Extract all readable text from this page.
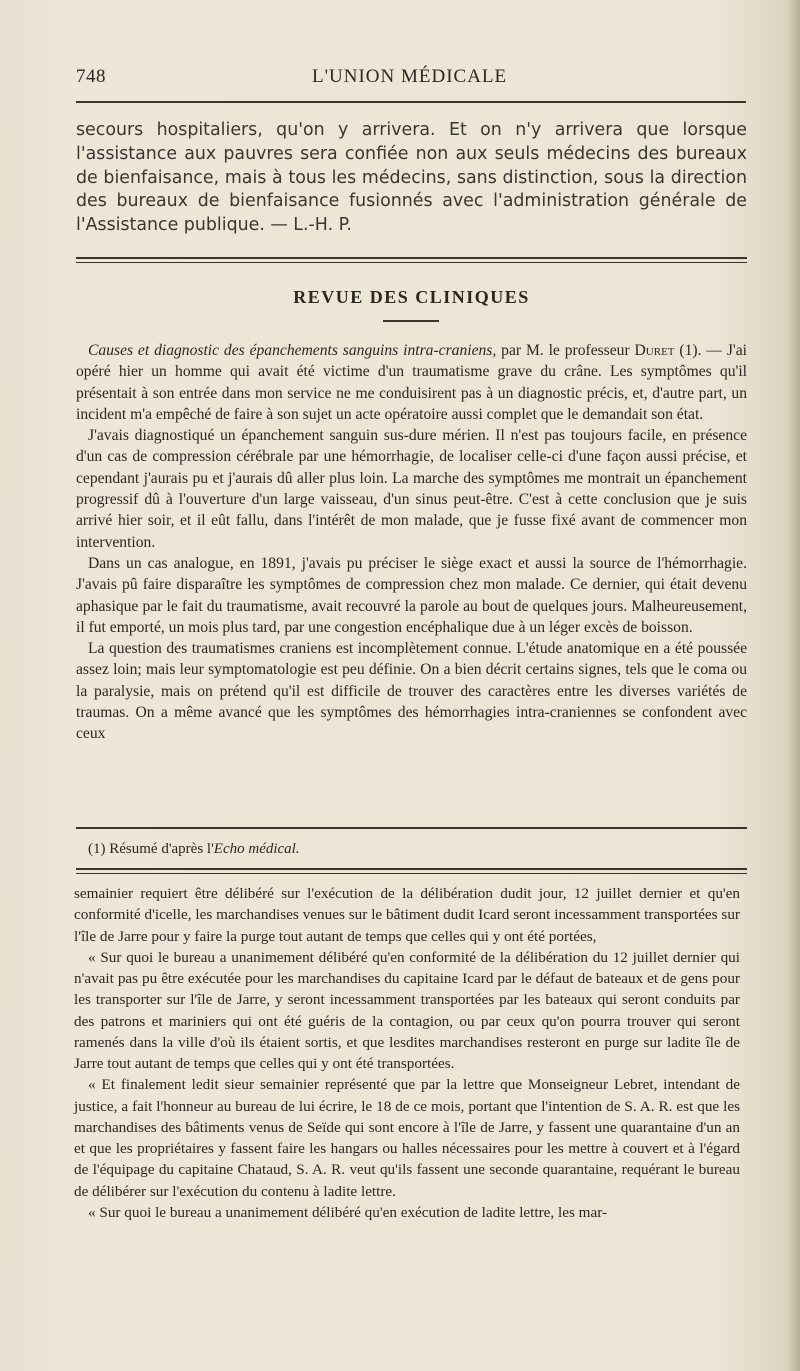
748	L'UNION MÉDICALE

secours hospitaliers, qu'on y arrivera. Et on n'y arrivera que lorsque l'assistance aux pauvres sera confiée non aux seuls médecins des bureaux de bienfaisance, mais à tous les médecins, sans distinction, sous la direction des bureaux de bienfaisance fusionnés avec l'administration générale de l'Assistance publique. — L.-H. P.

REVUE DES CLINIQUES

Causes et diagnostic des épanchements sanguins intra-craniens, par M. le professeur Duret (1). — J'ai opéré hier un homme qui avait été victime d'un traumatisme grave du crâne. Les symptômes qu'il présentait à son entrée dans mon service ne me conduisirent pas à un diagnostic précis, et, d'autre part, un incident m'a empêché de faire à son sujet un acte opératoire aussi complet que le demandait son état.

J'avais diagnostiqué un épanchement sanguin sus-dure mérien. Il n'est pas toujours facile, en présence d'un cas de compression cérébrale par une hémorrhagie, de localiser celle-ci d'une façon aussi précise, et cependant j'aurais pu et j'aurais dû aller plus loin. La marche des symptômes me montrait un épanchement progressif dû à l'ouverture d'un large vaisseau, d'un sinus peut-être. C'est à cette conclusion que je suis arrivé hier soir, et il eût fallu, dans l'intérêt de mon malade, que je fusse fixé avant de commencer mon intervention.

Dans un cas analogue, en 1891, j'avais pu préciser le siège exact et aussi la source de l'hémorrhagie. J'avais pû faire disparaître les symptômes de compression chez mon malade. Ce dernier, qui était devenu aphasique par le fait du traumatisme, avait recouvré la parole au bout de quelques jours. Malheureusement, il fut emporté, un mois plus tard, par une congestion encéphalique due à un léger excès de boisson.

La question des traumatismes craniens est incomplètement connue. L'étude anatomique en a été poussée assez loin; mais leur symptomatologie est peu définie. On a bien décrit certains signes, tels que le coma ou la paralysie, mais on prétend qu'il est difficile de trouver des caractères entre les diverses variétés de traumas. On a même avancé que les symptômes des hémorrhagies intra-craniennes se confondent avec ceux

(1) Résumé d'après l'Echo médical.

semainier requiert être délibéré sur l'exécution de la délibération dudit jour, 12 juillet dernier et qu'en conformité d'icelle, les marchandises venues sur le bâtiment dudit Icard seront incessamment transportées sur l'île de Jarre pour y faire la purge tout autant de temps que celles qui y ont été portées,

« Sur quoi le bureau a unanimement délibéré qu'en conformité de la délibération du 12 juillet dernier qui n'avait pas pu être exécutée pour les marchandises du capitaine Icard par le défaut de bateaux et de gens pour les transporter sur l'île de Jarre, y seront incessamment transportées par les bateaux qui seront conduits par des patrons et mariniers qui ont été guéris de la contagion, ou par ceux qu'on pourra trouver qui seront ramenés dans la ville d'où ils étaient sortis, et que lesdites marchandises resteront en purge sur ladite île de Jarre tout autant de temps que celles qui y ont été transportées.

« Et finalement ledit sieur semainier représenté que par la lettre que Monseigneur Lebret, intendant de justice, a fait l'honneur au bureau de lui écrire, le 18 de ce mois, portant que l'intention de S. A. R. est que les marchandises des bâtiments venus de Seïde qui sont encore à l'île de Jarre, y fassent une quarantaine d'un an et que les propriétaires y fassent faire les hangars ou halles nécessaires pour les mettre à couvert et à l'égard de l'équipage du capitaine Chataud, S. A. R. veut qu'ils fassent une seconde quarantaine, requérant le bureau de délibérer sur l'exécution du contenu à ladite lettre.

« Sur quoi le bureau a unanimement délibéré qu'en exécution de ladite lettre, les mar-
